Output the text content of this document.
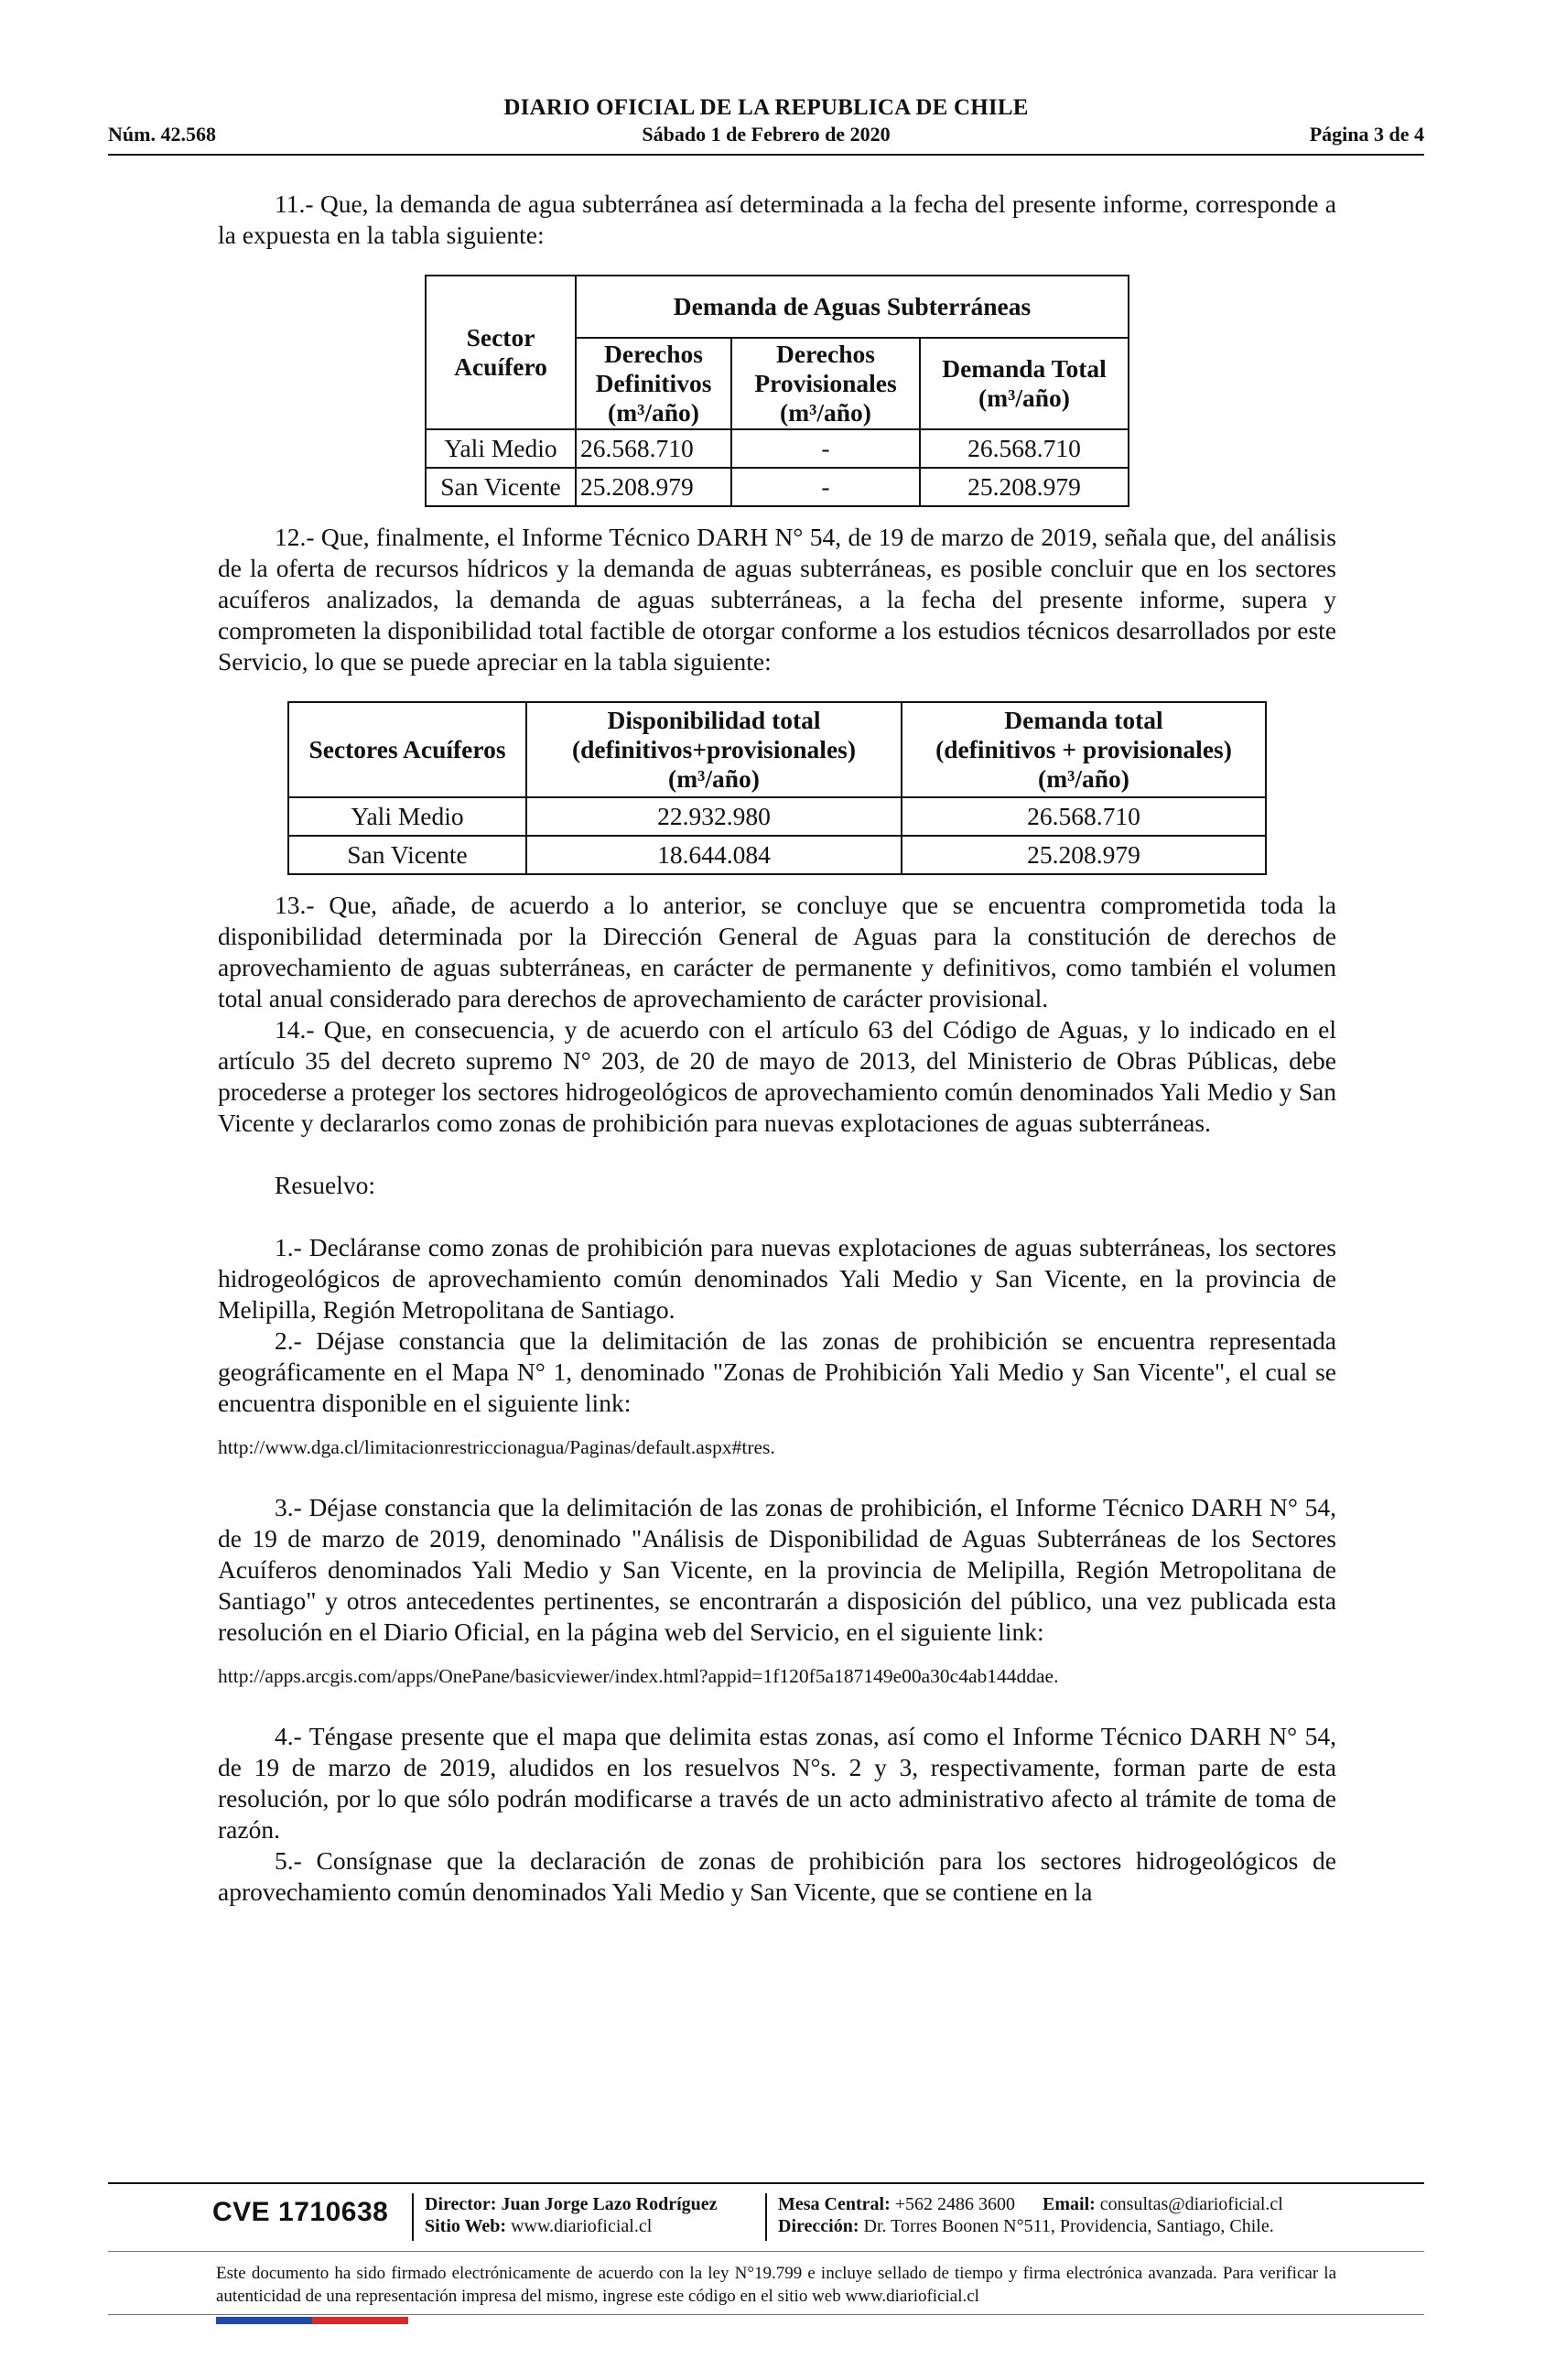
DIARIO OFICIAL DE LA REPUBLICA DE CHILE
Núm. 42.568	Sábado 1 de Febrero de 2020	Página 3 de 4

11.- Que, la demanda de agua subterránea así determinada a la fecha del presente informe, corresponde a la expuesta en la tabla siguiente:

Sector Acuífero	Demanda de Aguas Subterráneas		
	Derechos
Definitivos
(m³/año)	Derechos
Provisionales
(m³/año)	Demanda Total
(m³/año)
Yali Medio	26.568.710	-	26.568.710
San Vicente	25.208.979	-	25.208.979

12.- Que, finalmente, el Informe Técnico DARH N° 54, de 19 de marzo de 2019, señala que, del análisis de la oferta de recursos hídricos y la demanda de aguas subterráneas, es posible concluir que en los sectores acuíferos analizados, la demanda de aguas subterráneas, a la fecha del presente informe, supera y comprometen la disponibilidad total factible de otorgar conforme a los estudios técnicos desarrollados por este Servicio, lo que se puede apreciar en la tabla siguiente:

Sectores Acuíferos	Disponibilidad total
(definitivos+provisionales)
(m³/año)	Demanda total
(definitivos + provisionales)
(m³/año)
Yali Medio	22.932.980	26.568.710
San Vicente	18.644.084	25.208.979

13.- Que, añade, de acuerdo a lo anterior, se concluye que se encuentra comprometida toda la disponibilidad determinada por la Dirección General de Aguas para la constitución de derechos de aprovechamiento de aguas subterráneas, en carácter de permanente y definitivos, como también el volumen total anual considerado para derechos de aprovechamiento de carácter provisional.

14.- Que, en consecuencia, y de acuerdo con el artículo 63 del Código de Aguas, y lo indicado en el artículo 35 del decreto supremo N° 203, de 20 de mayo de 2013, del Ministerio de Obras Públicas, debe procederse a proteger los sectores hidrogeológicos de aprovechamiento común denominados Yali Medio y San Vicente y declararlos como zonas de prohibición para nuevas explotaciones de aguas subterráneas.

Resuelvo:

1.- Decláranse como zonas de prohibición para nuevas explotaciones de aguas subterráneas, los sectores hidrogeológicos de aprovechamiento común denominados Yali Medio y San Vicente, en la provincia de Melipilla, Región Metropolitana de Santiago.

2.- Déjase constancia que la delimitación de las zonas de prohibición se encuentra representada geográficamente en el Mapa N° 1, denominado "Zonas de Prohibición Yali Medio y San Vicente", el cual se encuentra disponible en el siguiente link:

http://www.dga.cl/limitacionrestriccionagua/Paginas/default.aspx#tres.

3.- Déjase constancia que la delimitación de las zonas de prohibición, el Informe Técnico DARH N° 54, de 19 de marzo de 2019, denominado "Análisis de Disponibilidad de Aguas Subterráneas de los Sectores Acuíferos denominados Yali Medio y San Vicente, en la provincia de Melipilla, Región Metropolitana de Santiago" y otros antecedentes pertinentes, se encontrarán a disposición del público, una vez publicada esta resolución en el Diario Oficial, en la página web del Servicio, en el siguiente link:

http://apps.arcgis.com/apps/OnePane/basicviewer/index.html?appid=1f120f5a187149e00a30c4ab144ddae.

4.- Téngase presente que el mapa que delimita estas zonas, así como el Informe Técnico DARH N° 54, de 19 de marzo de 2019, aludidos en los resuelvos N°s. 2 y 3, respectivamente, forman parte de esta resolución, por lo que sólo podrán modificarse a través de un acto administrativo afecto al trámite de toma de razón.

5.- Consígnase que la declaración de zonas de prohibición para los sectores hidrogeológicos de aprovechamiento común denominados Yali Medio y San Vicente, que se contiene en la

CVE 1710638	Director: Juan Jorge Lazo Rodríguez
Sitio Web: www.diarioficial.cl
Mesa Central: +562 2486 3600 Email: consultas@diarioficial.cl
Dirección: Dr. Torres Boonen N°511, Providencia, Santiago, Chile.
Este documento ha sido firmado electrónicamente de acuerdo con la ley N°19.799 e incluye sellado de tiempo y firma electrónica avanzada. Para verificar la autenticidad de una representación impresa del mismo, ingrese este código en el sitio web www.diarioficial.cl
